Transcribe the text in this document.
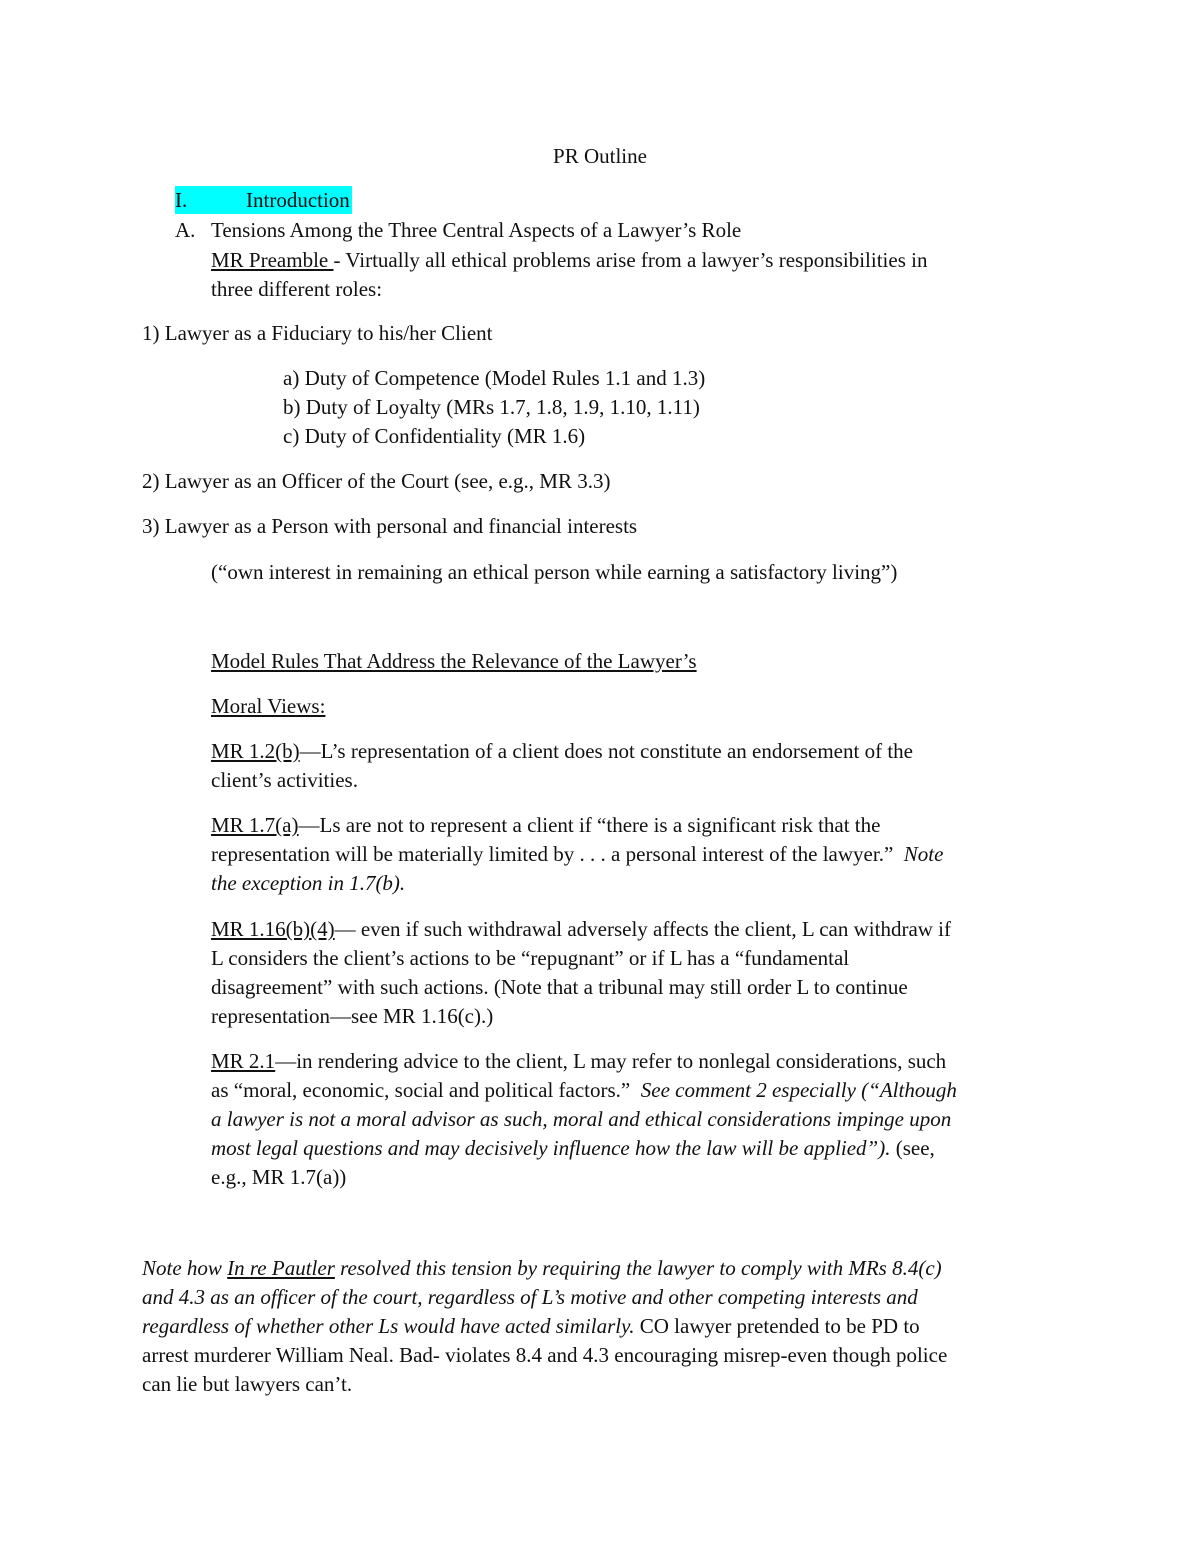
PR Outline
I.	Introduction
A. Tensions Among the Three Central Aspects of a Lawyer’s Role
MR Preamble - Virtually all ethical problems arise from a lawyer’s responsibilities in
three different roles:
1) Lawyer as a Fiduciary to his/her Client
a) Duty of Competence (Model Rules 1.1 and 1.3)
b) Duty of Loyalty (MRs 1.7, 1.8, 1.9, 1.10, 1.11)
c) Duty of Confidentiality (MR 1.6)
2) Lawyer as an Officer of the Court (see, e.g., MR 3.3)
3) Lawyer as a Person with personal and financial interests
(“own interest in remaining an ethical person while earning a satisfactory living”)
Model Rules That Address the Relevance of the Lawyer’s
Moral Views:
MR 1.2(b)—L’s representation of a client does not constitute an endorsement of the
client’s activities.
MR 1.7(a)—Ls are not to represent a client if “there is a significant risk that the
representation will be materially limited by . . . a personal interest of the lawyer.” Note
the exception in 1.7(b).
MR 1.16(b)(4)— even if such withdrawal adversely affects the client, L can withdraw if
L considers the client’s actions to be “repugnant” or if L has a “fundamental
disagreement” with such actions. (Note that a tribunal may still order L to continue
representation—see MR 1.16(c).)
MR 2.1—in rendering advice to the client, L may refer to nonlegal considerations, such
as “moral, economic, social and political factors.” See comment 2 especially (“Although
a lawyer is not a moral advisor as such, moral and ethical considerations impinge upon
most legal questions and may decisively influence how the law will be applied”). (see,
e.g., MR 1.7(a))
Note how In re Pautler resolved this tension by requiring the lawyer to comply with MRs 8.4(c)
and 4.3 as an officer of the court, regardless of L’s motive and other competing interests and
regardless of whether other Ls would have acted similarly. CO lawyer pretended to be PD to
arrest murderer William Neal. Bad- violates 8.4 and 4.3 encouraging misrep-even though police
can lie but lawyers can’t.
